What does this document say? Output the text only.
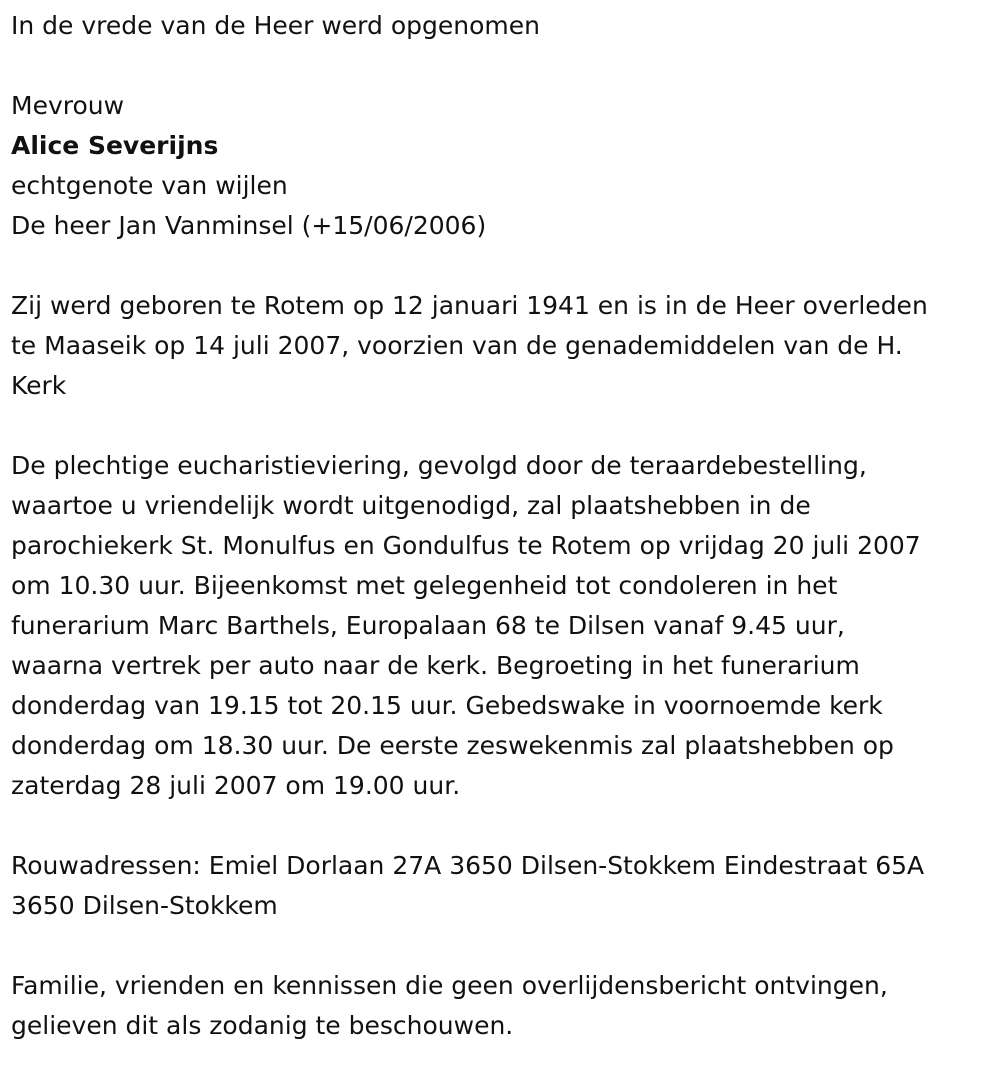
In de vrede van de Heer werd opgenomen

Mevrouw

Alice Severijns

echtgenote van wijlen

De heer Jan Vanminsel (+15/06/2006)

Zij werd geboren te Rotem op 12 januari 1941 en is in de Heer overleden

te Maaseik op 14 juli 2007, voorzien van de genademiddelen van de H.

Kerk

De plechtige eucharistieviering, gevolgd door de teraardebestelling,

waartoe u vriendelijk wordt uitgenodigd, zal plaatshebben in de

parochiekerk St. Monulfus en Gondulfus te Rotem op vrijdag 20 juli 2007

om 10.30 uur. Bijeenkomst met gelegenheid tot condoleren in het

funerarium Marc Barthels, Europalaan 68 te Dilsen vanaf 9.45 uur,

waarna vertrek per auto naar de kerk. Begroeting in het funerarium

donderdag van 19.15 tot 20.15 uur. Gebedswake in voornoemde kerk

donderdag om 18.30 uur. De eerste zeswekenmis zal plaatshebben op

zaterdag 28 juli 2007 om 19.00 uur.

Rouwadressen: Emiel Dorlaan 27A 3650 Dilsen-Stokkem Eindestraat 65A

3650 Dilsen-Stokkem

Familie, vrienden en kennissen die geen overlijdensbericht ontvingen,

gelieven dit als zodanig te beschouwen.
